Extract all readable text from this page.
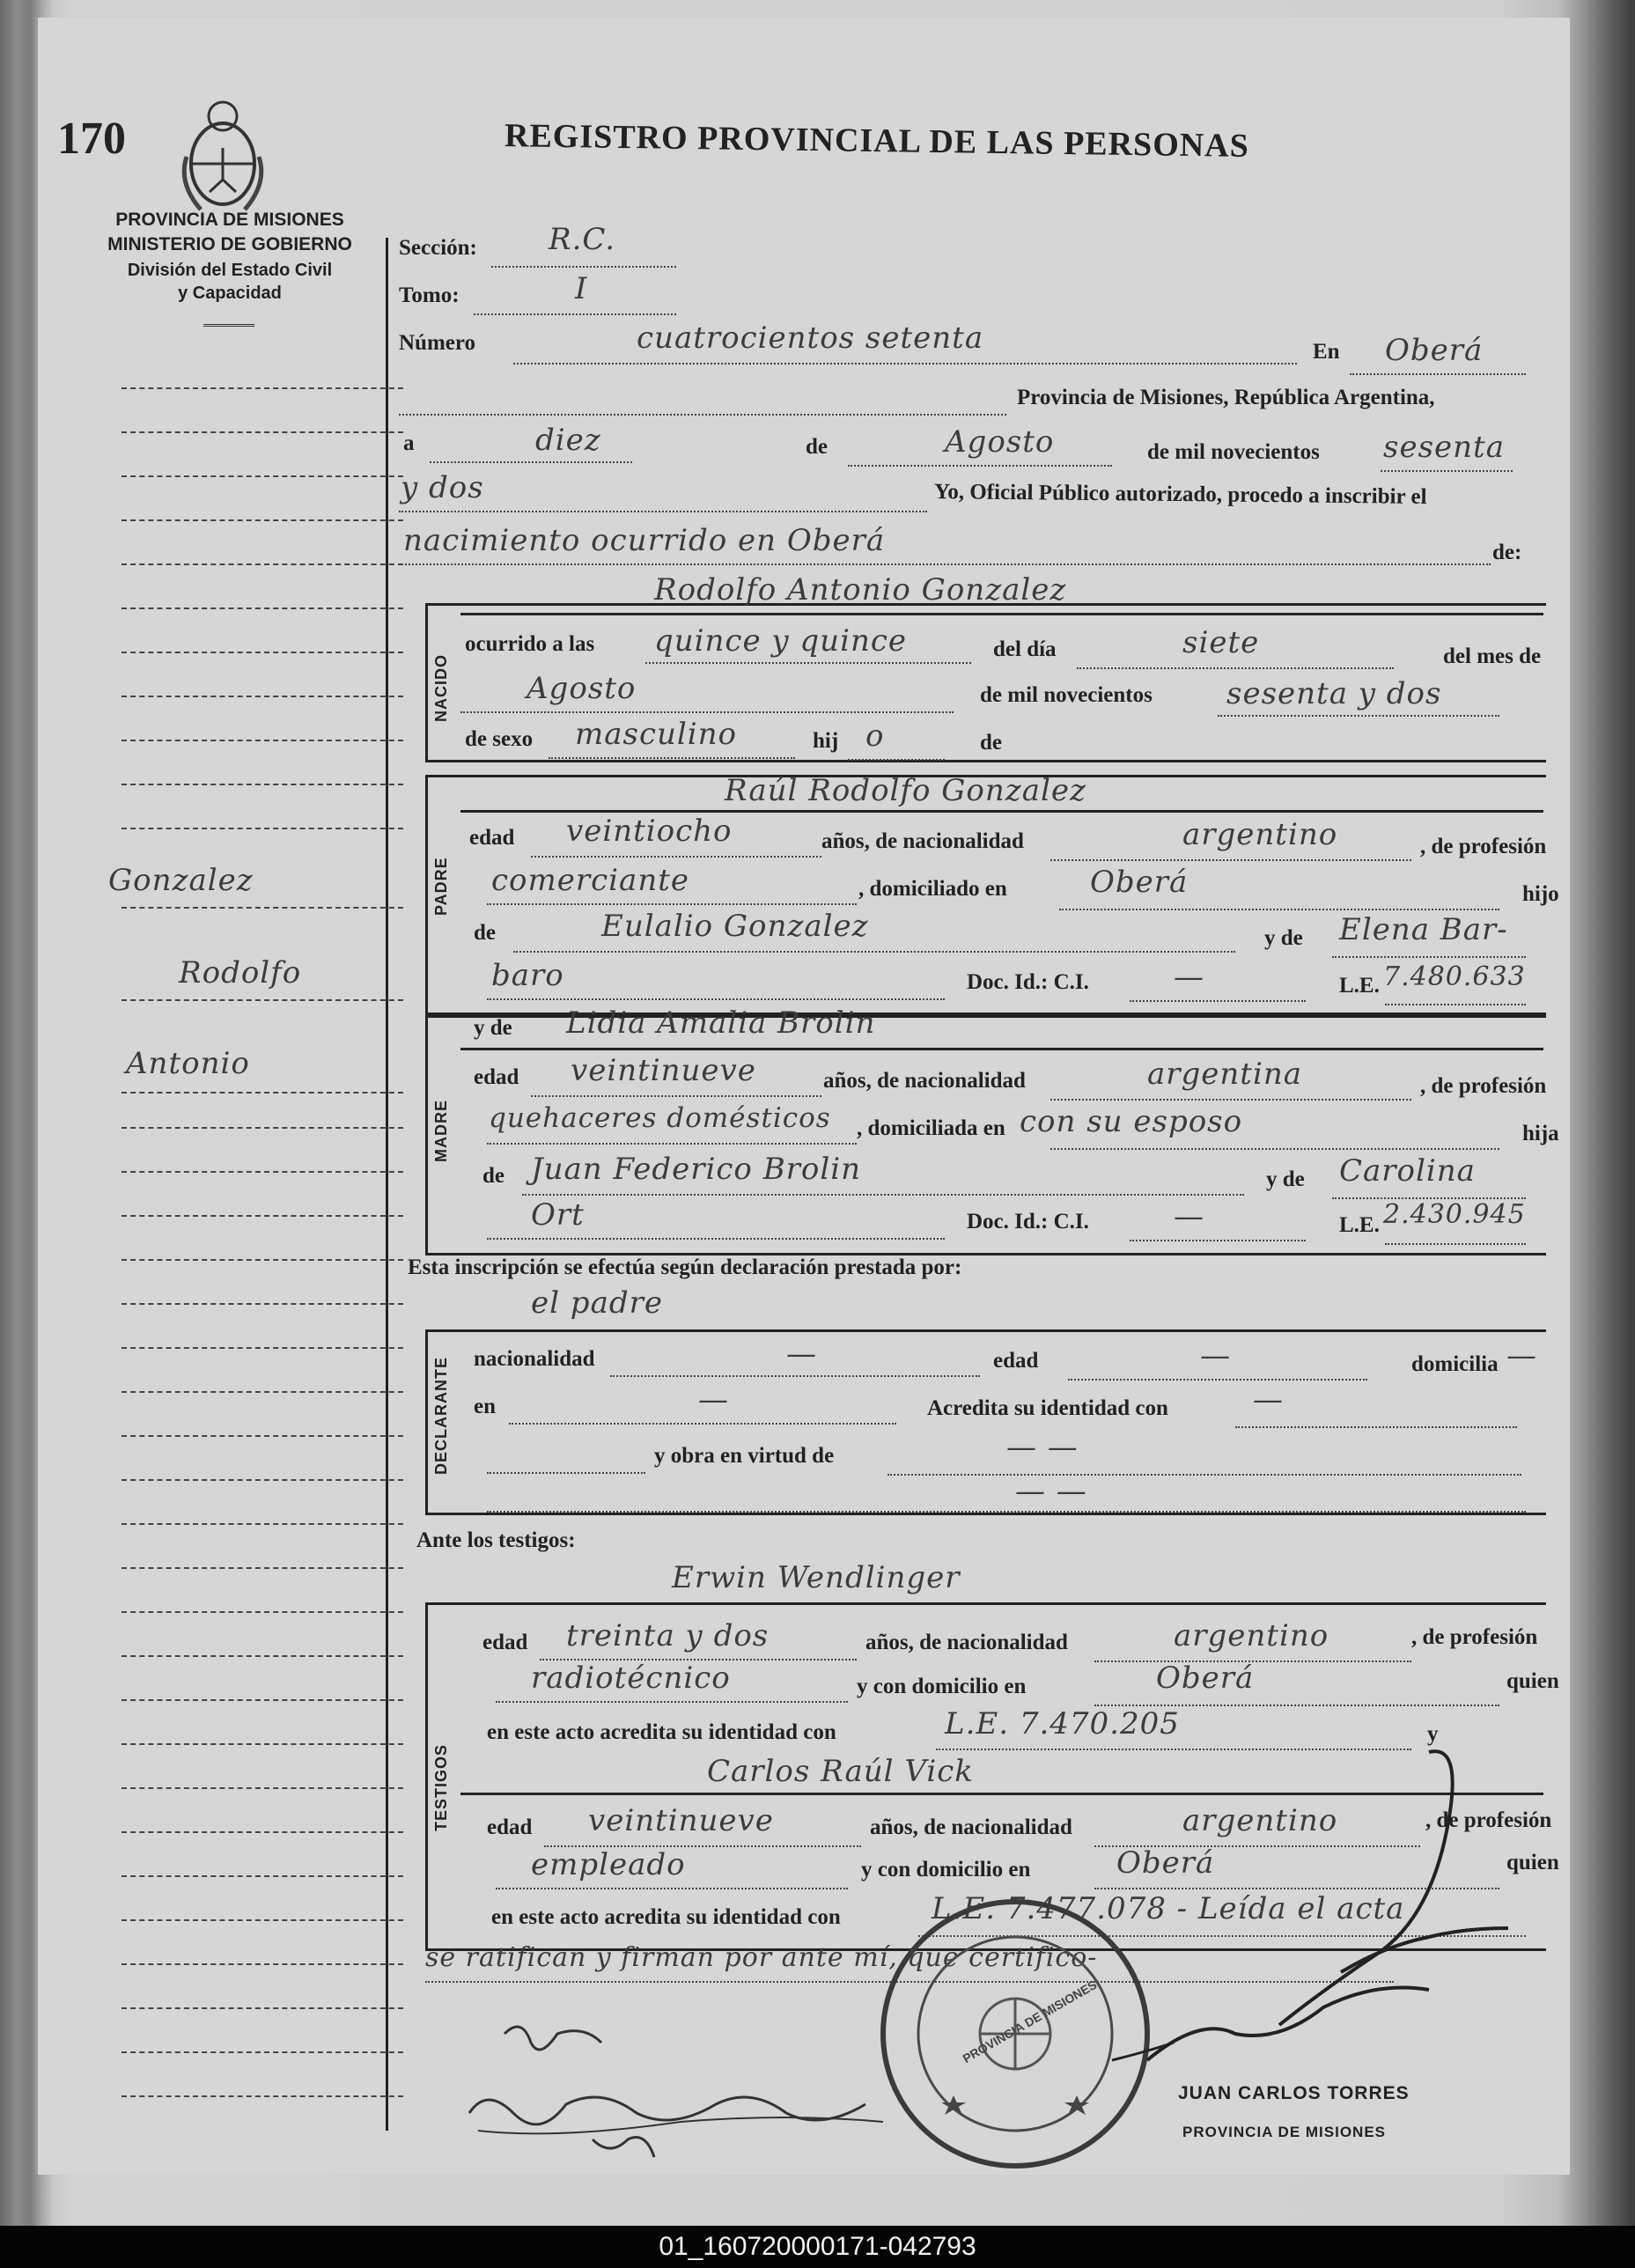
170	REGISTRO PROVINCIAL DE LAS PERSONAS
PROVINCIA DE MISIONES
MINISTERIO DE GOBIERNO
División del Estado Civil
y Capacidad
Gonzalez
Rodolfo
Antonio
Sección: R.C.
Tomo:	I
Número	cuatrocientos setenta	En Oberá
Provincia de Misiones, República Argentina,
a	diez	de	Agosto	de mil novecientos sesenta
y dos	Yo, Oficial Público autorizado, procedo a inscribir el
nacimiento ocurrido en Oberá	de:
NACIDO
Rodolfo Antonio Gonzalez
ocurrido a las quince y quince	del día	siete	del mes de
Agosto	de mil novecientos sesenta y dos
de sexo masculino	hij o	de
PADRE
Raúl Rodolfo Gonzalez
edad veintiocho	años, de nacionalidad	argentino	, de profesión
comerciante	, domiciliado en	Oberá	hijo
de	Eulalio Gonzalez	y de Elena Bar-
baro	Doc. Id.: C.I.	—	L.E. 7.480.633
MADRE
y de Lidia Amalia Brolin
edad veintinueve	años, de nacionalidad	argentina	, de profesión
quehaceres domésticos , domiciliada en con su esposo	hija
de Juan Federico Brolin	y de Carolina
Ort	Doc. Id.: C.I.	—	L.E. 2.430.945
Esta inscripción se efectúa según declaración prestada por:
el padre
DECLARANTE nacionalidad	—	edad	—	domicilia —
en	—	Acredita su identidad con	—
y obra en virtud de	— —
— —
Ante los testigos:
Erwin Wendlinger
TESTIGOS
edad treinta y dos	años, de nacionalidad	argentino	, de profesión
radiotécnico	y con domicilio en	Oberá	quien
en este acto acredita su identidad con	L.E. 7.470.205	y
Carlos Raúl Vick
edad veintinueve	años, de nacionalidad	argentino	, de profesión
empleado	y con domicilio en	Oberá	quien
en este acto acredita su identidad con	L.E. 7.477.078 - Leída el acta
se ratifican y firman por ante mí, que certifico-
PROVINCIA DE MISIONES
JUAN CARLOS TORRES
PROVINCIA DE MISIONES
01_160720000171-042793
